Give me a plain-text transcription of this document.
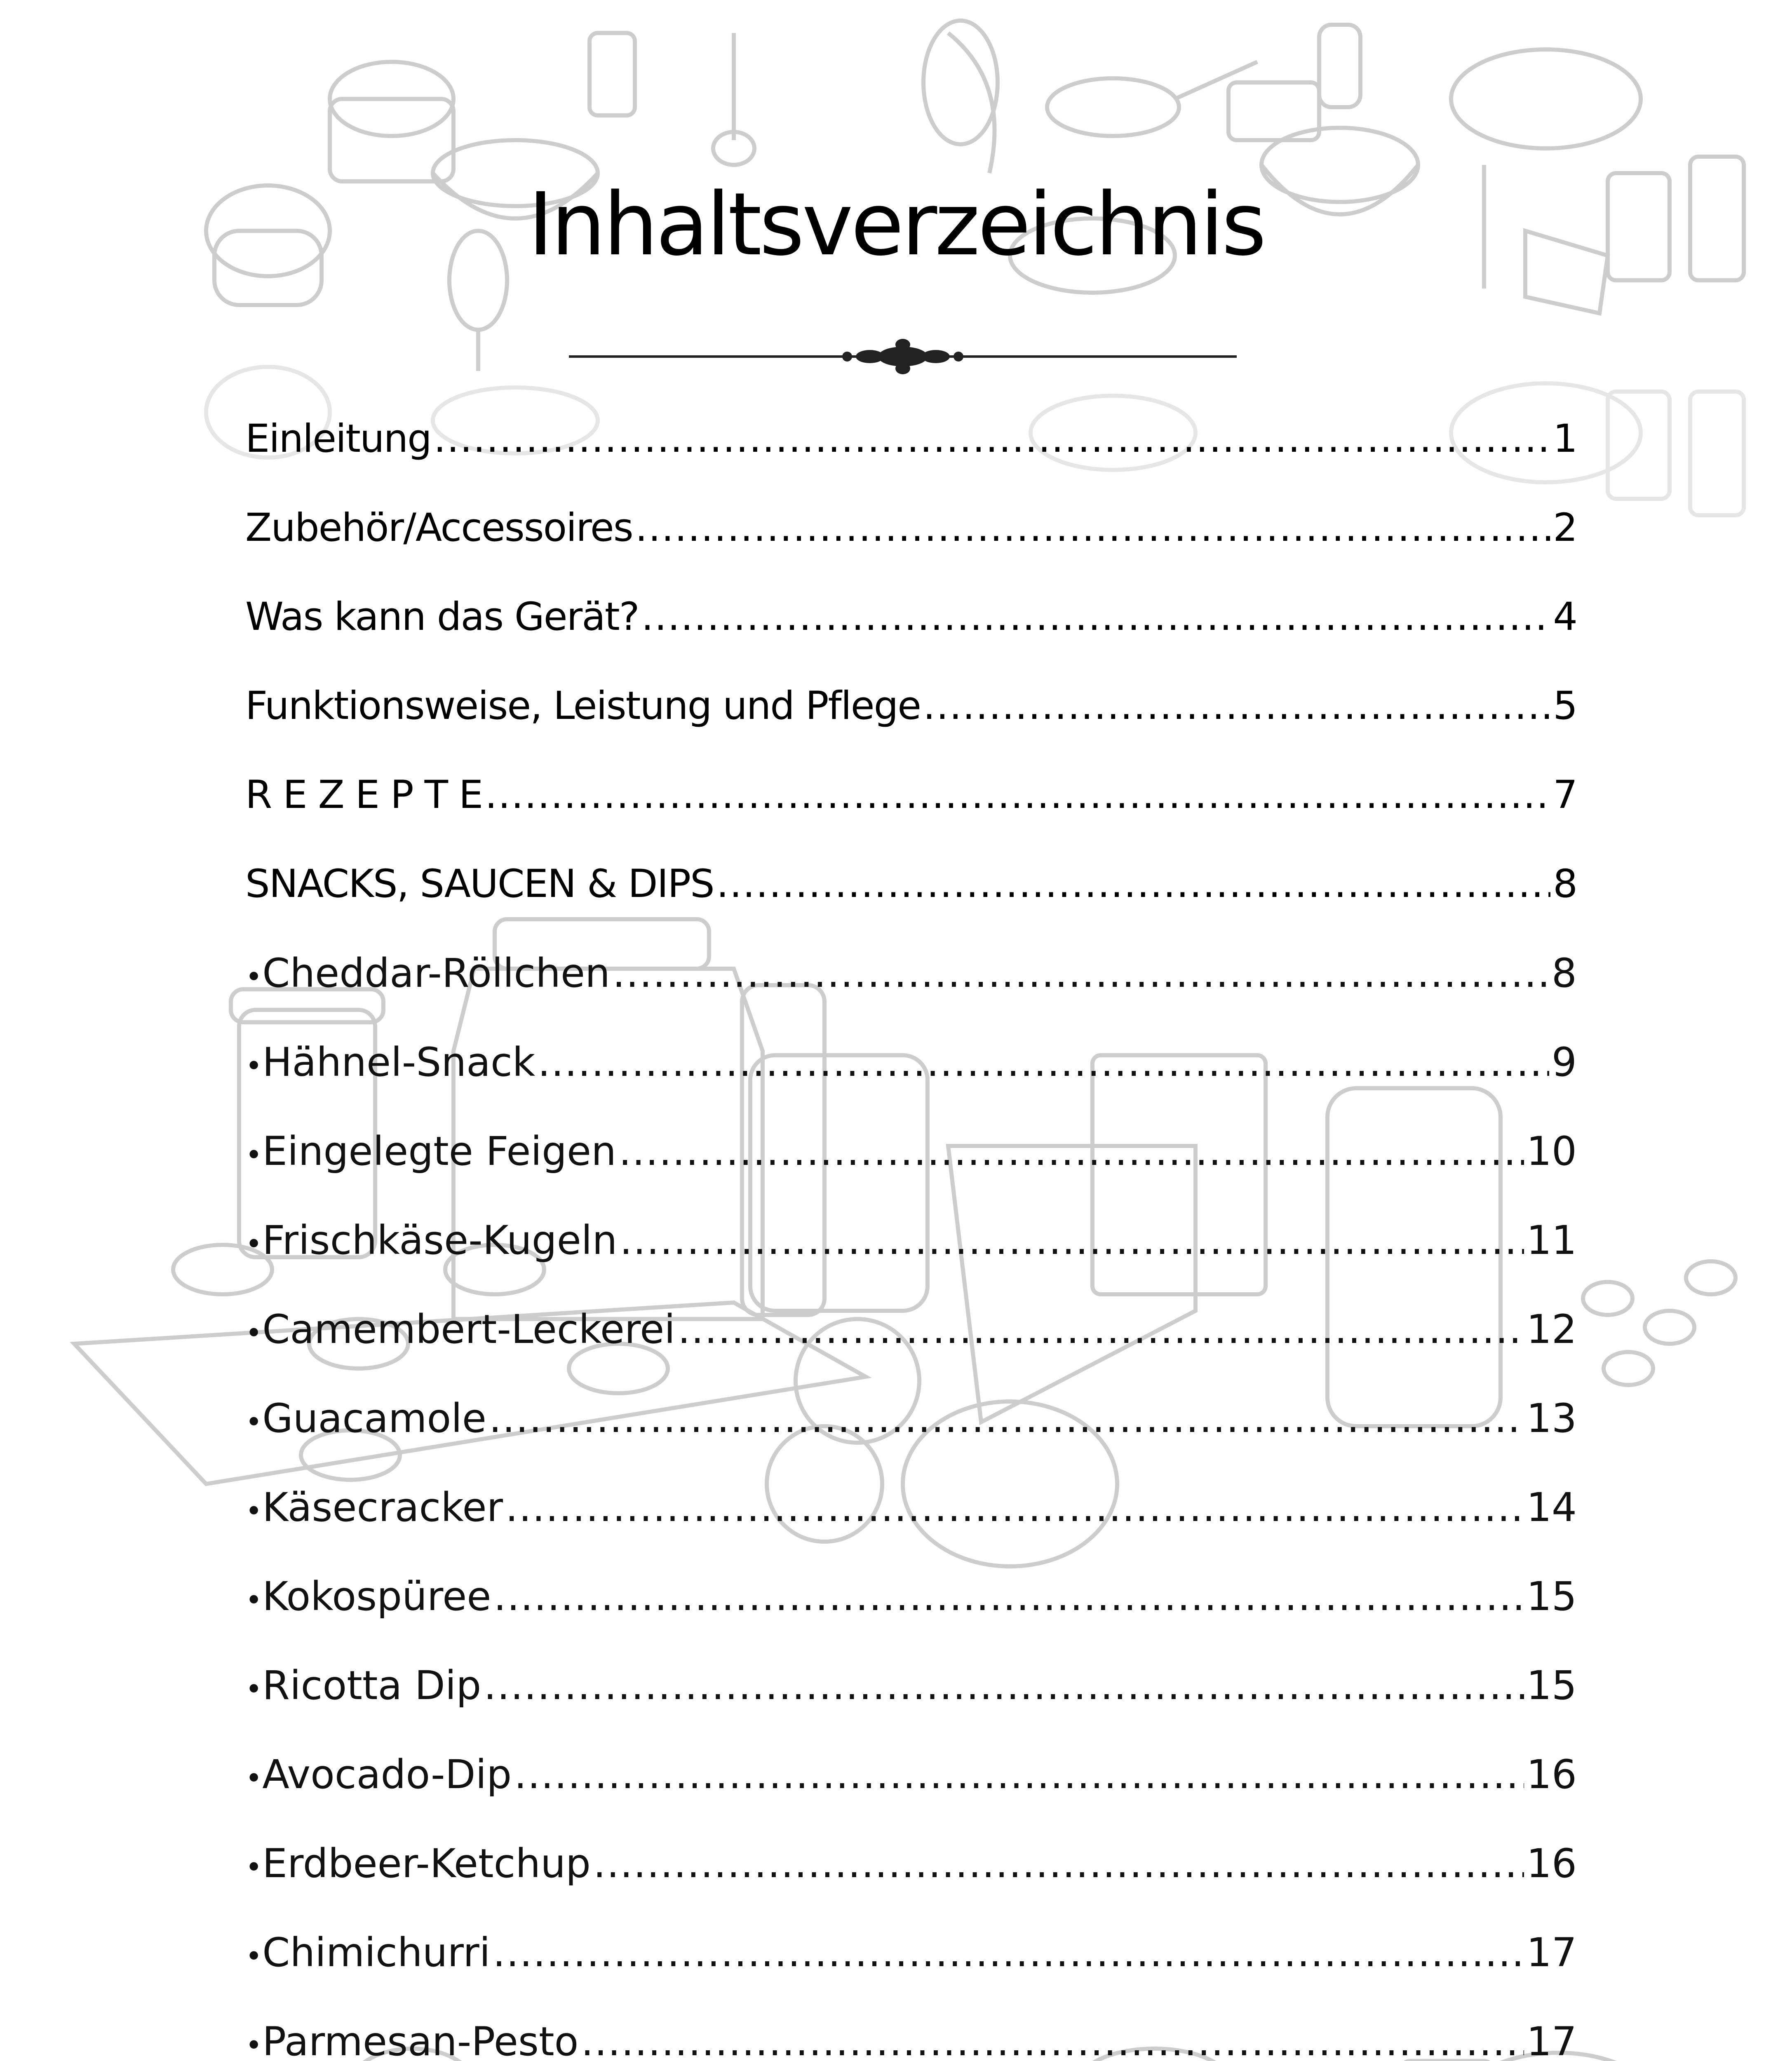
Inhaltsverzeichnis
Einleitung .....	1
Zubehör/Accessoires .....	2
Was kann das Gerät? .....	4
Funktionsweise, Leistung und Pflege .....	5
R E Z E P T E .....	7
SNACKS, SAUCEN & DIPS .....	8
• Cheddar-Röllchen .....	8
• Hähnel-Snack .....	9
• Eingelegte Feigen .....	10
• Frischkäse-Kugeln .....	11
• Camembert-Leckerei .....	12
• Guacamole .....	13
• Käsecracker .....	14
• Kokospüree .....	15
• Ricotta Dip .....	15
• Avocado-Dip .....	16
• Erdbeer-Ketchup .....	16
• Chimichurri .....	17
• Parmesan-Pesto .....	17
